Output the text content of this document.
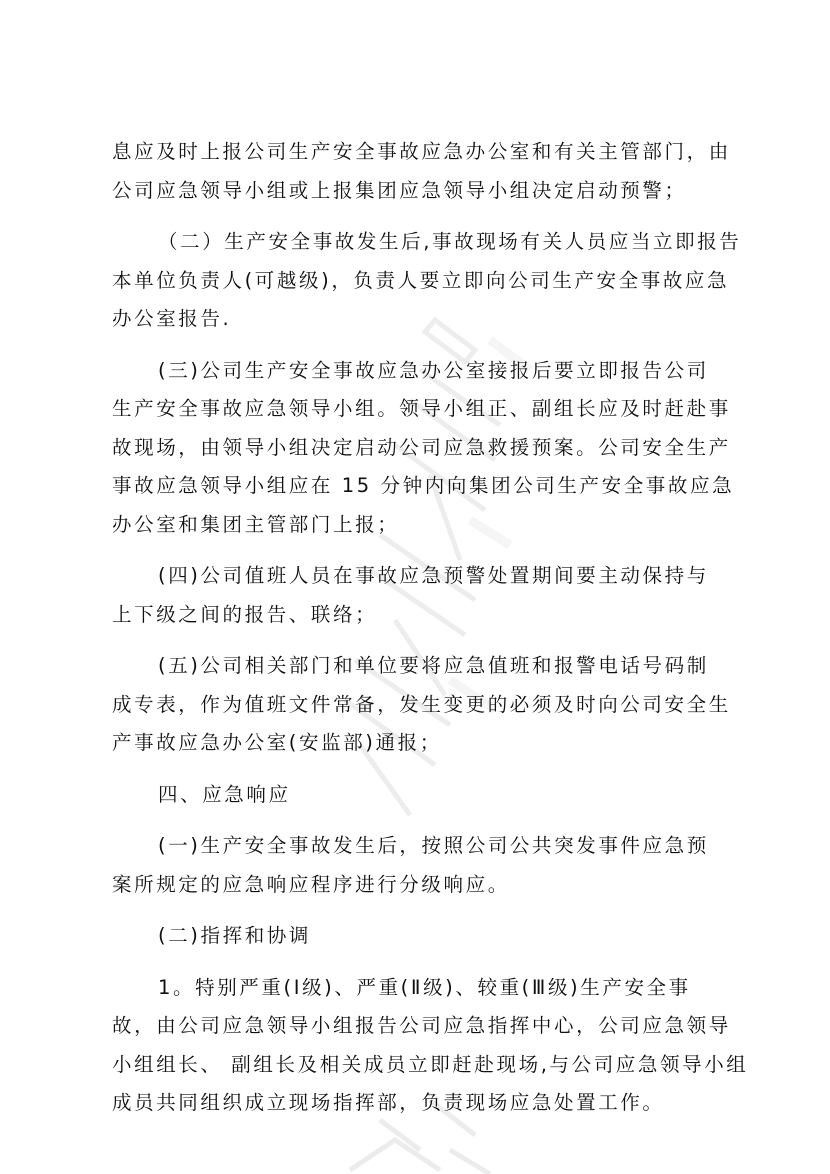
息应及时上报公司生产安全事故应急办公室和有关主管部门，由
公司应急领导小组或上报集团应急领导小组决定启动预警；
（二）生产安全事故发生后,事故现场有关人员应当立即报告
本单位负责人(可越级)，负责人要立即向公司生产安全事故应急
办公室报告.
(三)公司生产安全事故应急办公室接报后要立即报告公司
生产安全事故应急领导小组。领导小组正、副组长应及时赶赴事
故现场，由领导小组决定启动公司应急救援预案。公司安全生产
事故应急领导小组应在 15 分钟内向集团公司生产安全事故应急
办公室和集团主管部门上报；
(四)公司值班人员在事故应急预警处置期间要主动保持与
上下级之间的报告、联络；
(五)公司相关部门和单位要将应急值班和报警电话号码制
成专表，作为值班文件常备，发生变更的必须及时向公司安全生
产事故应急办公室(安监部)通报；
四、应急响应
(一)生产安全事故发生后，按照公司公共突发事件应急预
案所规定的应急响应程序进行分级响应。
(二)指挥和协调
1。特别严重(Ⅰ级)、严重(Ⅱ级)、较重(Ⅲ级)生产安全事
故，由公司应急领导小组报告公司应急指挥中心，公司应急领导
小组组长、 副组长及相关成员立即赶赴现场,与公司应急领导小组
成员共同组织成立现场指挥部，负责现场应急处置工作。
